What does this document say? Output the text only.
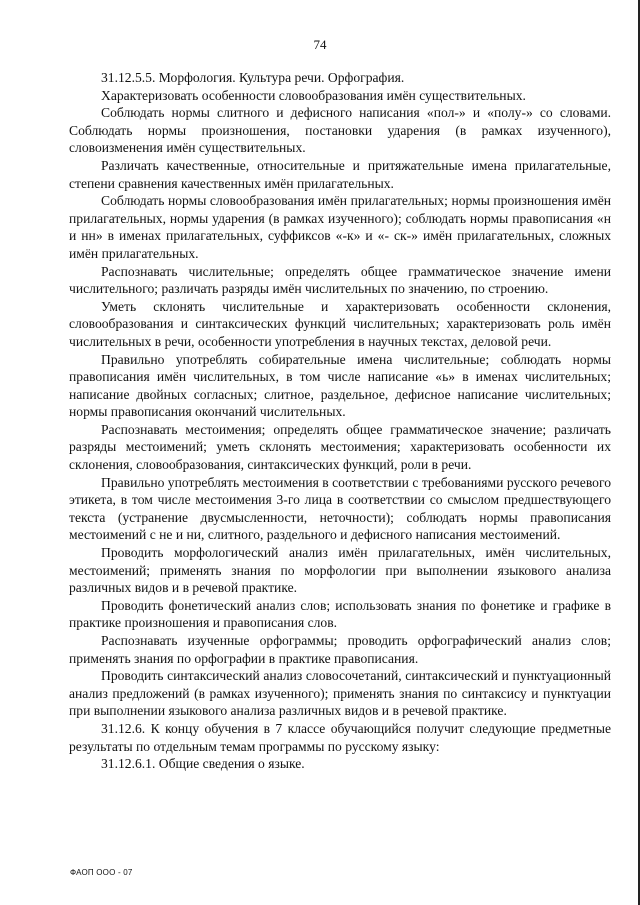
74

31.12.5.5. Морфология. Культура речи. Орфография.

Характеризовать особенности словообразования имён существительных.

Соблюдать нормы слитного и дефисного написания «пол-» и «полу-» со словами. Соблюдать нормы произношения, постановки ударения (в рамках изученного), словоизменения имён существительных.

Различать качественные, относительные и притяжательные имена прилагательные, степени сравнения качественных имён прилагательных.

Соблюдать нормы словообразования имён прилагательных; нормы произношения имён прилагательных, нормы ударения (в рамках изученного); соблюдать нормы правописания «н и нн» в именах прилагательных, суффиксов «-к» и «- ск-» имён прилагательных, сложных имён прилагательных.

Распознавать числительные; определять общее грамматическое значение имени числительного; различать разряды имён числительных по значению, по строению.

Уметь склонять числительные и характеризовать особенности склонения, словообразования и синтаксических функций числительных; характеризовать роль имён числительных в речи, особенности употребления в научных текстах, деловой речи.

Правильно употреблять собирательные имена числительные; соблюдать нормы правописания имён числительных, в том числе написание «ь» в именах числительных; написание двойных согласных; слитное, раздельное, дефисное написание числительных; нормы правописания окончаний числительных.

Распознавать местоимения; определять общее грамматическое значение; различать разряды местоимений; уметь склонять местоимения; характеризовать особенности их склонения, словообразования, синтаксических функций, роли в речи.

Правильно употреблять местоимения в соответствии с требованиями русского речевого этикета, в том числе местоимения 3-го лица в соответствии со смыслом предшествующего текста (устранение двусмысленности, неточности); соблюдать нормы правописания местоимений с не и ни, слитного, раздельного и дефисного написания местоимений.

Проводить морфологический анализ имён прилагательных, имён числительных, местоимений; применять знания по морфологии при выполнении языкового анализа различных видов и в речевой практике.

Проводить фонетический анализ слов; использовать знания по фонетике и графике в практике произношения и правописания слов.

Распознавать изученные орфограммы; проводить орфографический анализ слов; применять знания по орфографии в практике правописания.

Проводить синтаксический анализ словосочетаний, синтаксический и пунктуационный анализ предложений (в рамках изученного); применять знания по синтаксису и пунктуации при выполнении языкового анализа различных видов и в речевой практике.

31.12.6. К концу обучения в 7 классе обучающийся получит следующие предметные результаты по отдельным темам программы по русскому языку:

31.12.6.1. Общие сведения о языке.

ФАОП ООО - 07
